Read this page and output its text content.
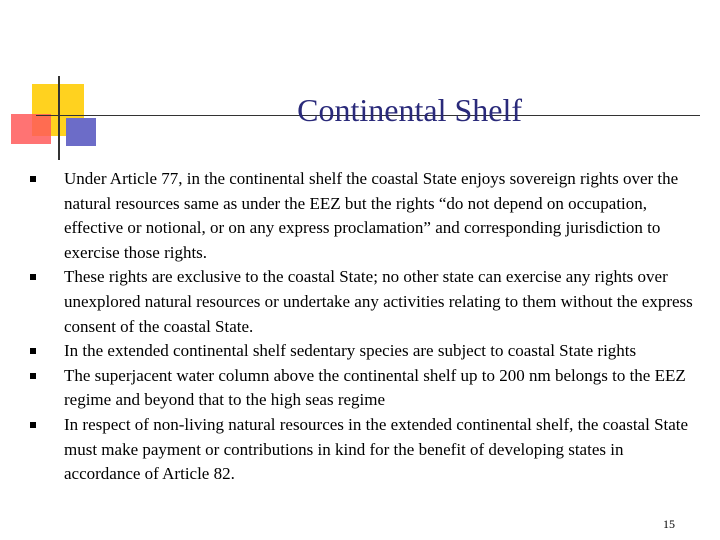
Continental Shelf
Under Article 77, in the continental shelf the coastal State enjoys sovereign rights over the natural resources same as under the EEZ but the rights “do not depend on occupation, effective or notional, or on any express proclamation” and corresponding jurisdiction to exercise those rights.
These rights are exclusive to the coastal State; no other state can exercise any rights over unexplored natural resources or undertake any activities relating to them without the express consent of the coastal State.
In the extended continental shelf sedentary species are subject to coastal State rights
The superjacent water column above the continental shelf up to 200 nm belongs to the EEZ regime and beyond that to the high seas regime
In respect of non-living natural resources in the extended continental shelf, the coastal State must make payment or contributions in kind for the benefit of developing states in accordance of Article 82.
15
